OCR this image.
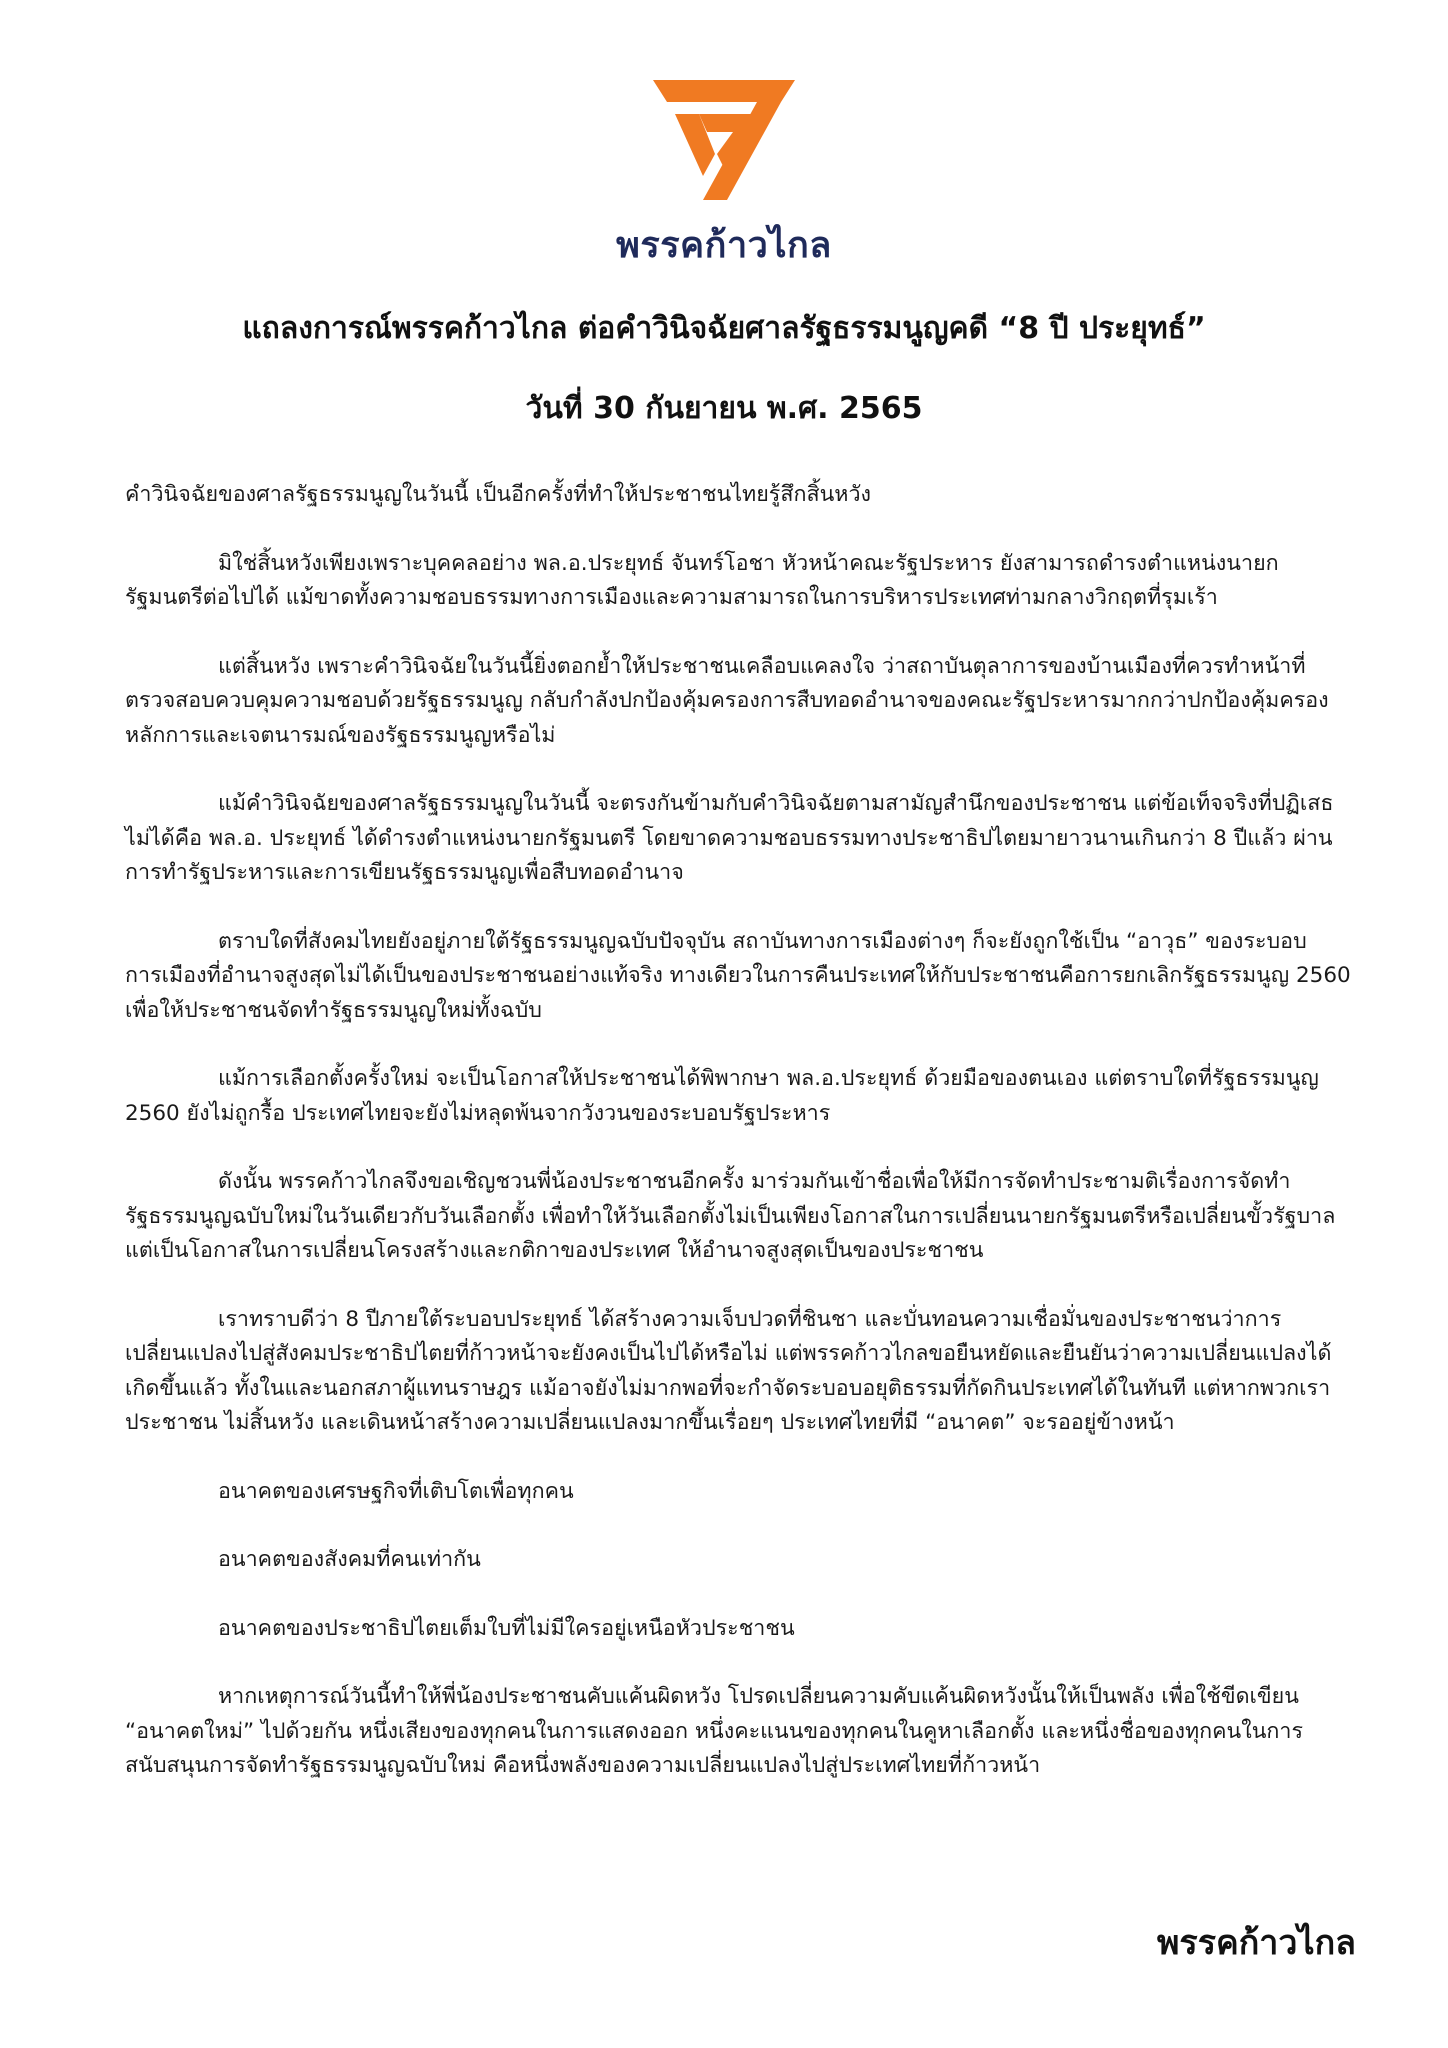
พรรคก้าวไกล
แถลงการณ์พรรคก้าวไกล ต่อคำวินิจฉัยศาลรัฐธรรมนูญคดี “8 ปี ประยุทธ์”
วันที่ 30 กันยายน พ.ศ. 2565

คำวินิจฉัยของศาลรัฐธรรมนูญในวันนี้ เป็นอีกครั้งที่ทำให้ประชาชนไทยรู้สึกสิ้นหวัง

มิใช่สิ้นหวังเพียงเพราะบุคคลอย่าง พล.อ.ประยุทธ์ จันทร์โอชา หัวหน้าคณะรัฐประหาร ยังสามารถดำรงตำแหน่งนายกรัฐมนตรีต่อไปได้ แม้ขาดทั้งความชอบธรรมทางการเมืองและความสามารถในการบริหารประเทศท่ามกลางวิกฤตที่รุมเร้า

แต่สิ้นหวัง เพราะคำวินิจฉัยในวันนี้ยิ่งตอกย้ำให้ประชาชนเคลือบแคลงใจ ว่าสถาบันตุลาการของบ้านเมืองที่ควรทำหน้าที่ตรวจสอบควบคุมความชอบด้วยรัฐธรรมนูญ กลับกำลังปกป้องคุ้มครองการสืบทอดอำนาจของคณะรัฐประหารมากกว่าปกป้องคุ้มครองหลักการและเจตนารมณ์ของรัฐธรรมนูญหรือไม่

แม้คำวินิจฉัยของศาลรัฐธรรมนูญในวันนี้ จะตรงกันข้ามกับคำวินิจฉัยตามสามัญสำนึกของประชาชน แต่ข้อเท็จจริงที่ปฏิเสธไม่ได้คือ พล.อ. ประยุทธ์ ได้ดำรงตำแหน่งนายกรัฐมนตรี โดยขาดความชอบธรรมทางประชาธิปไตยมายาวนานเกินกว่า 8 ปีแล้ว ผ่านการทำรัฐประหารและการเขียนรัฐธรรมนูญเพื่อสืบทอดอำนาจ

ตราบใดที่สังคมไทยยังอยู่ภายใต้รัฐธรรมนูญฉบับปัจจุบัน สถาบันทางการเมืองต่างๆ ก็จะยังถูกใช้เป็น “อาวุธ” ของระบอบการเมืองที่อำนาจสูงสุดไม่ได้เป็นของประชาชนอย่างแท้จริง ทางเดียวในการคืนประเทศให้กับประชาชนคือการยกเลิกรัฐธรรมนูญ 2560 เพื่อให้ประชาชนจัดทำรัฐธรรมนูญใหม่ทั้งฉบับ

แม้การเลือกตั้งครั้งใหม่ จะเป็นโอกาสให้ประชาชนได้พิพากษา พล.อ.ประยุทธ์ ด้วยมือของตนเอง แต่ตราบใดที่รัฐธรรมนูญ 2560 ยังไม่ถูกรื้อ ประเทศไทยจะยังไม่หลุดพ้นจากวังวนของระบอบรัฐประหาร

ดังนั้น พรรคก้าวไกลจึงขอเชิญชวนพี่น้องประชาชนอีกครั้ง มาร่วมกันเข้าชื่อเพื่อให้มีการจัดทำประชามติเรื่องการจัดทำรัฐธรรมนูญฉบับใหม่ในวันเดียวกับวันเลือกตั้ง เพื่อทำให้วันเลือกตั้งไม่เป็นเพียงโอกาสในการเปลี่ยนนายกรัฐมนตรีหรือเปลี่ยนขั้วรัฐบาล แต่เป็นโอกาสในการเปลี่ยนโครงสร้างและกติกาของประเทศ ให้อำนาจสูงสุดเป็นของประชาชน

เราทราบดีว่า 8 ปีภายใต้ระบอบประยุทธ์ ได้สร้างความเจ็บปวดที่ชินชา และบั่นทอนความเชื่อมั่นของประชาชนว่าการเปลี่ยนแปลงไปสู่สังคมประชาธิปไตยที่ก้าวหน้าจะยังคงเป็นไปได้หรือไม่ แต่พรรคก้าวไกลขอยืนหยัดและยืนยันว่าความเปลี่ยนแปลงได้เกิดขึ้นแล้ว ทั้งในและนอกสภาผู้แทนราษฎร แม้อาจยังไม่มากพอที่จะกำจัดระบอบอยุติธรรมที่กัดกินประเทศได้ในทันที แต่หากพวกเรา ประชาชน ไม่สิ้นหวัง และเดินหน้าสร้างความเปลี่ยนแปลงมากขึ้นเรื่อยๆ ประเทศไทยที่มี “อนาคต” จะรออยู่ข้างหน้า

อนาคตของเศรษฐกิจที่เติบโตเพื่อทุกคน

อนาคตของสังคมที่คนเท่ากัน

อนาคตของประชาธิปไตยเต็มใบที่ไม่มีใครอยู่เหนือหัวประชาชน

หากเหตุการณ์วันนี้ทำให้พี่น้องประชาชนคับแค้นผิดหวัง โปรดเปลี่ยนความคับแค้นผิดหวังนั้นให้เป็นพลัง เพื่อใช้ขีดเขียน “อนาคตใหม่” ไปด้วยกัน หนึ่งเสียงของทุกคนในการแสดงออก หนึ่งคะแนนของทุกคนในคูหาเลือกตั้ง และหนึ่งชื่อของทุกคนในการสนับสนุนการจัดทำรัฐธรรมนูญฉบับใหม่ คือหนึ่งพลังของความเปลี่ยนแปลงไปสู่ประเทศไทยที่ก้าวหน้า

พรรคก้าวไกล
